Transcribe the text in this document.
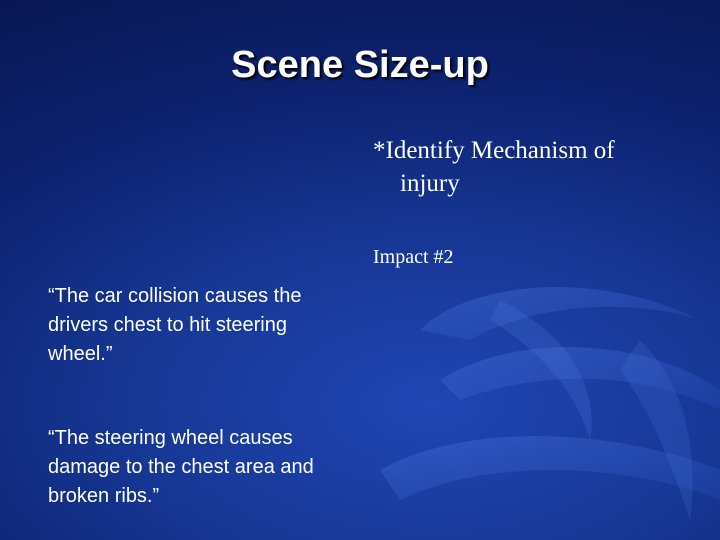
Scene Size-up

*Identify Mechanism of
injury

Impact #2

“The car collision causes the drivers chest to hit steering wheel.”

“The steering wheel causes damage to the chest area and broken ribs.”
